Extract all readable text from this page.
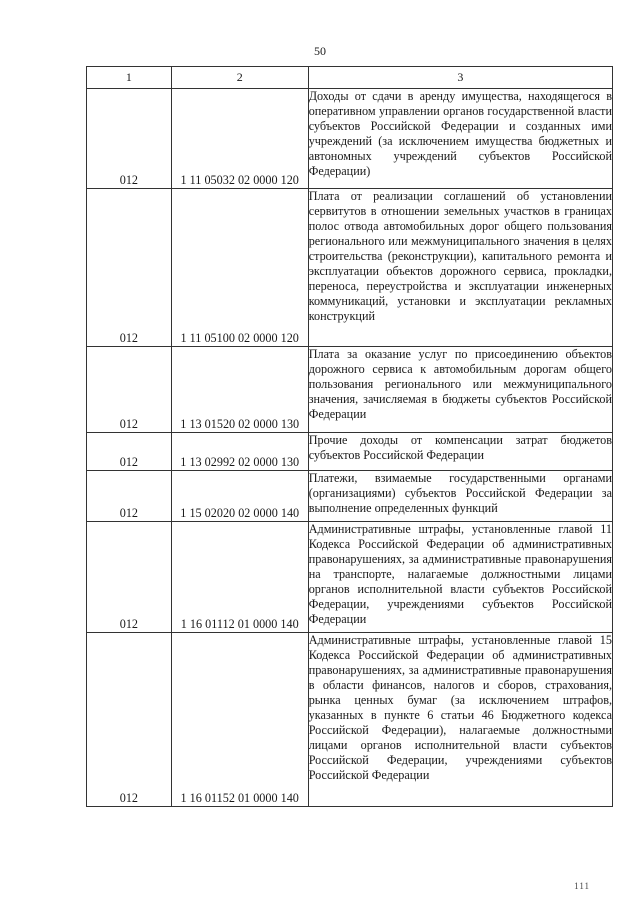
50
1	2	3
012	1 11 05032 02 0000 120	Доходы от сдачи в аренду имущества, находящегося в оперативном управлении органов государственной власти субъектов Российской Федерации и созданных ими учреждений (за исключением имущества бюджетных и автономных учреждений субъектов Российской Федерации)
012	1 11 05100 02 0000 120	Плата от реализации соглашений об установлении сервитутов в отношении земельных участков в границах полос отвода автомобильных дорог общего пользования регионального или межмуниципального значения в целях строительства (реконструкции), капитального ремонта и эксплуатации объектов дорожного сервиса, прокладки, переноса, переустройства и эксплуатации инженерных коммуникаций, установки и эксплуатации рекламных конструкций
012	1 13 01520 02 0000 130	Плата за оказание услуг по присоединению объектов дорожного сервиса к автомобильным дорогам общего пользования регионального или межмуниципального значения, зачисляемая в бюджеты субъектов Российской Федерации
012	1 13 02992 02 0000 130	Прочие доходы от компенсации затрат бюджетов субъектов Российской Федерации
012	1 15 02020 02 0000 140	Платежи, взимаемые государственными органами (организациями) субъектов Российской Федерации за выполнение определенных функций
012	1 16 01112 01 0000 140	Административные штрафы, установленные главой 11 Кодекса Российской Федерации об административных правонарушениях, за административные правонарушения на транспорте, налагаемые должностными лицами органов исполнительной власти субъектов Российской Федерации, учреждениями субъектов Российской Федерации
012	1 16 01152 01 0000 140	Административные штрафы, установленные главой 15 Кодекса Российской Федерации об административных правонарушениях, за административные правонарушения в области финансов, налогов и сборов, страхования, рынка ценных бумаг (за исключением штрафов, указанных в пункте 6 статьи 46 Бюджетного кодекса Российской Федерации), налагаемые должностными лицами органов исполнительной власти субъектов Российской Федерации, учреждениями субъектов Российской Федерации
111
